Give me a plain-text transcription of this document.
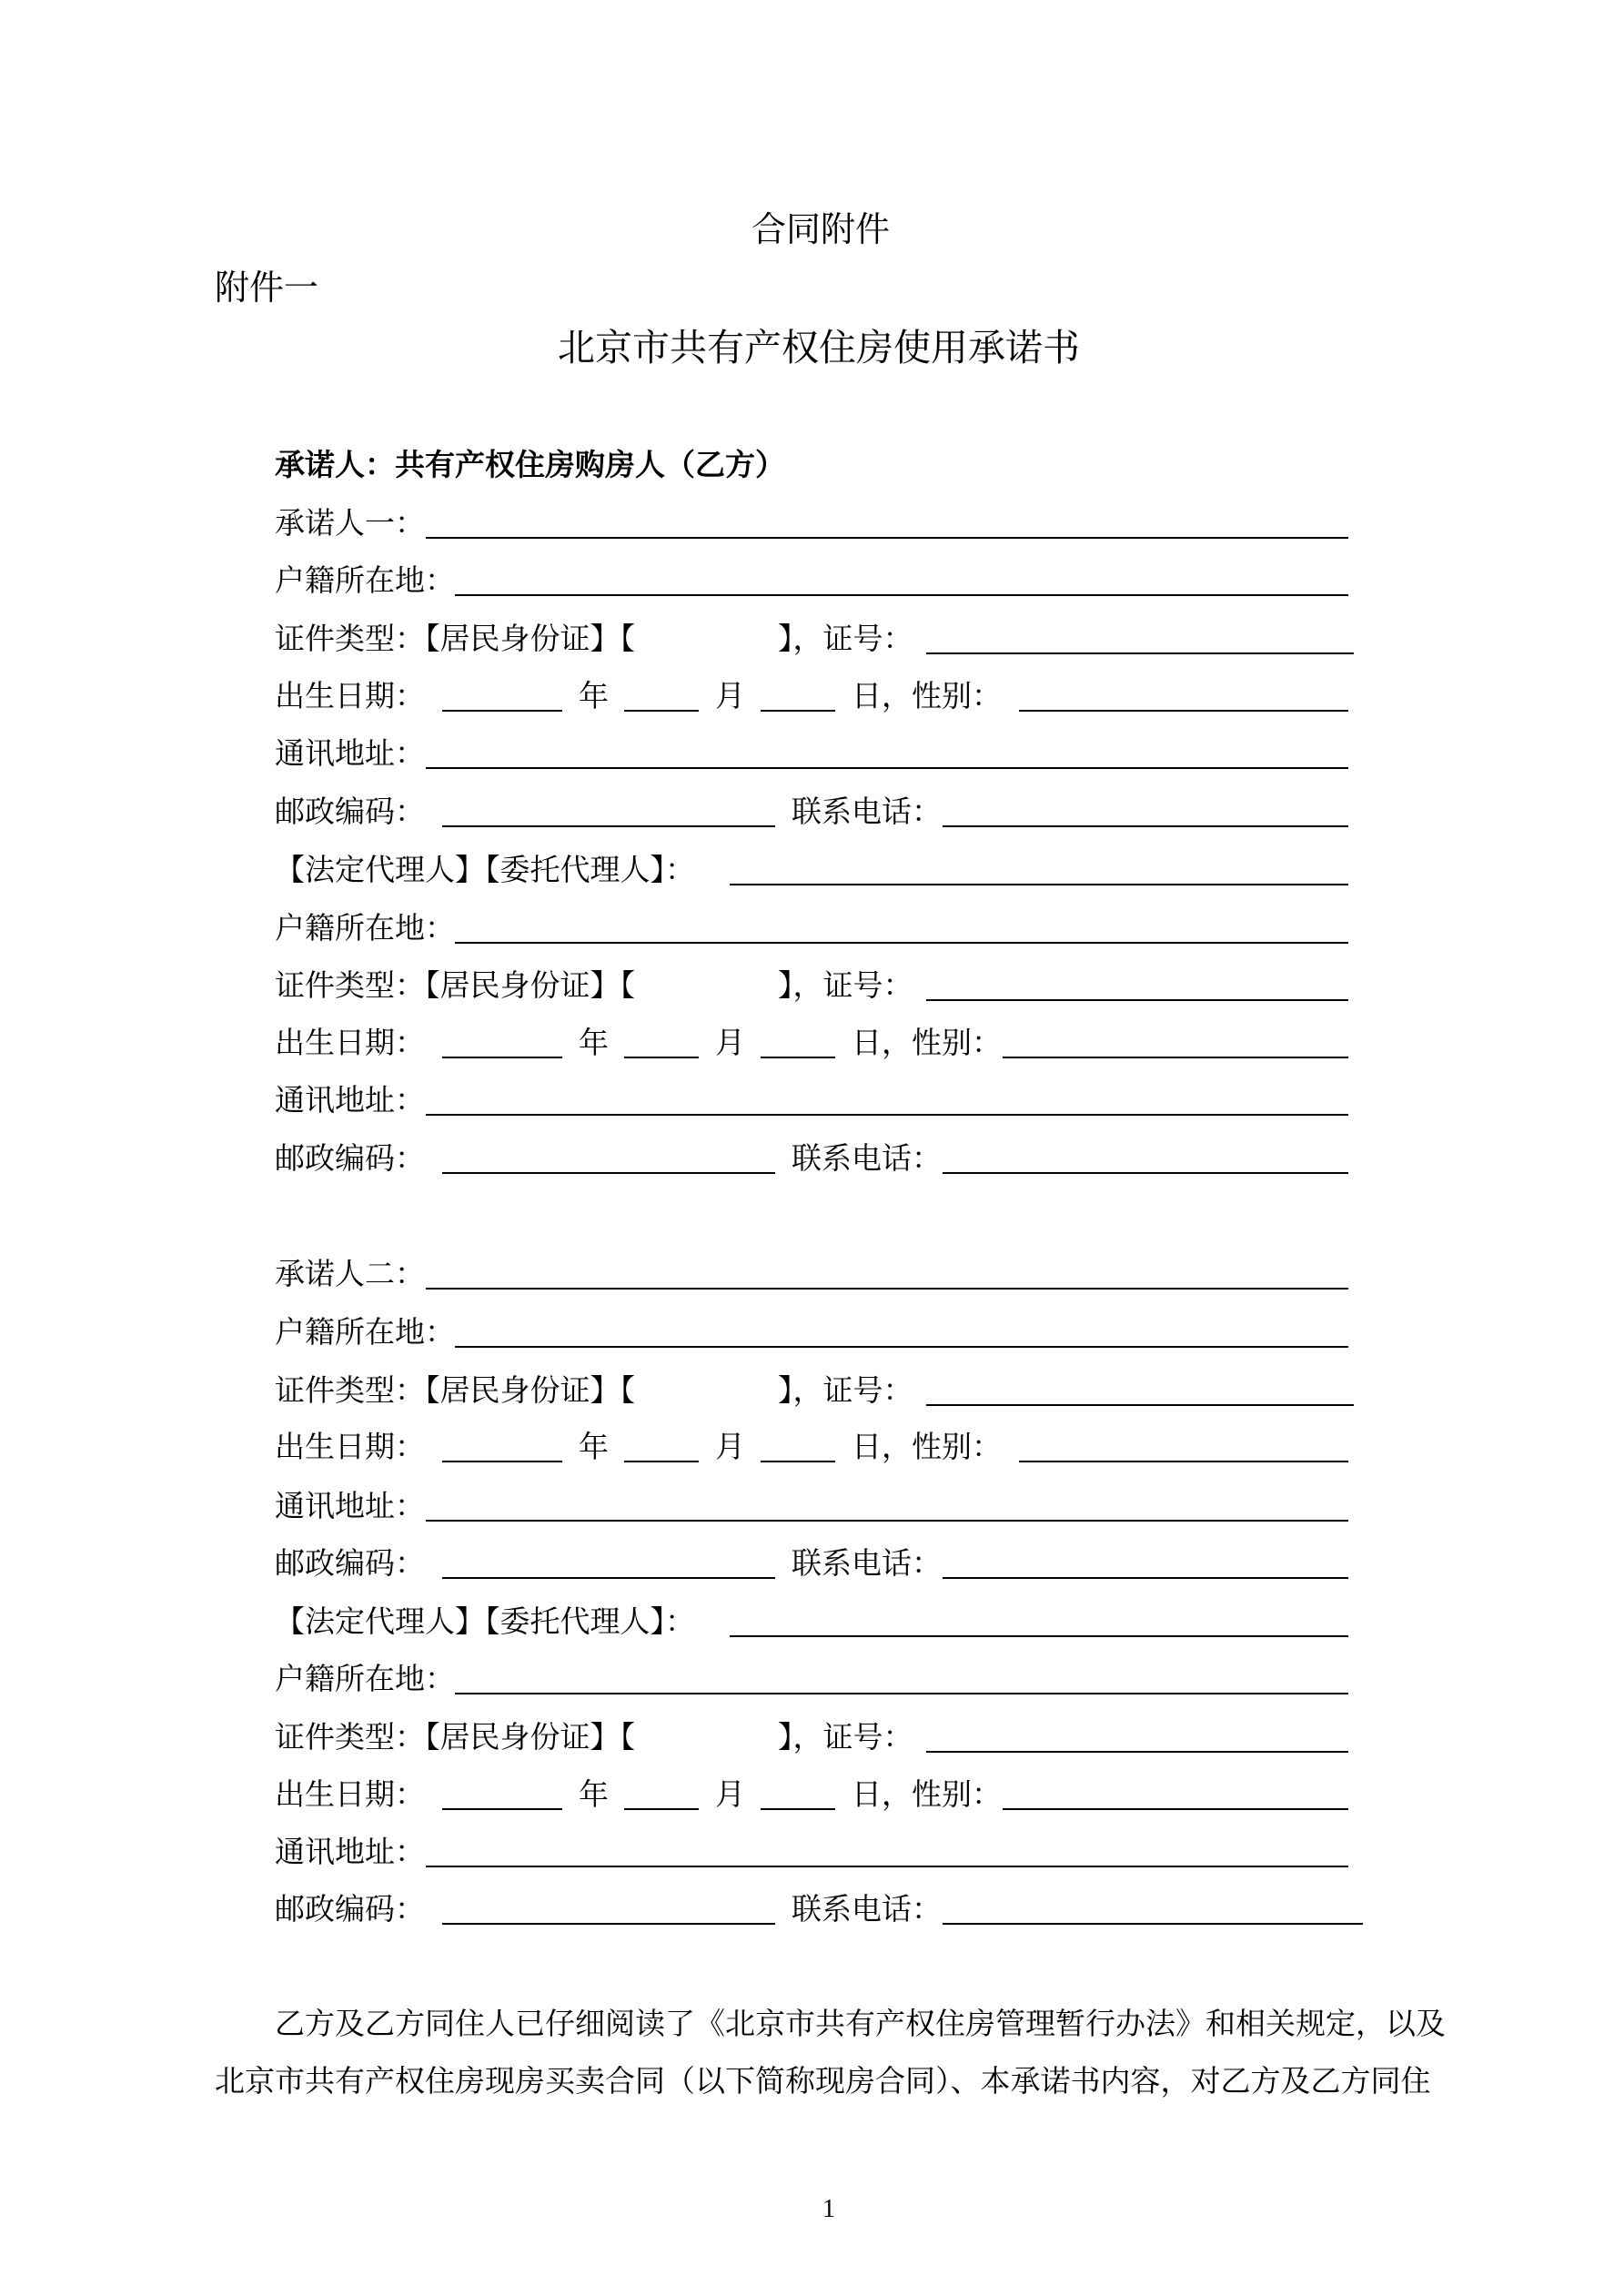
合同附件
附件一
北京市共有产权住房使用承诺书
承诺人：共有产权住房购房人（乙方）
承诺人一：
户籍所在地：
证件类型：【居民身份证】【	】，证号：
出生日期：	年	月	日，性别：
通讯地址：
邮政编码：	联系电话：
【法定代理人】【委托代理人】：
户籍所在地：
证件类型：【居民身份证】【	】，证号：
出生日期：	年	月	日，性别：
通讯地址：
邮政编码：	联系电话：
承诺人二：
户籍所在地：
证件类型：【居民身份证】【	】，证号：
出生日期：	年	月	日，性别：
通讯地址：
邮政编码：	联系电话：
【法定代理人】【委托代理人】：
户籍所在地：
证件类型：【居民身份证】【	】，证号：
出生日期：	年	月	日，性别：
通讯地址：
邮政编码：	联系电话：
乙方及乙方同住人已仔细阅读了《北京市共有产权住房管理暂行办法》和相关规定，以及
北京市共有产权住房现房买卖合同（以下简称现房合同）、本承诺书内容，对乙方及乙方同住
1
